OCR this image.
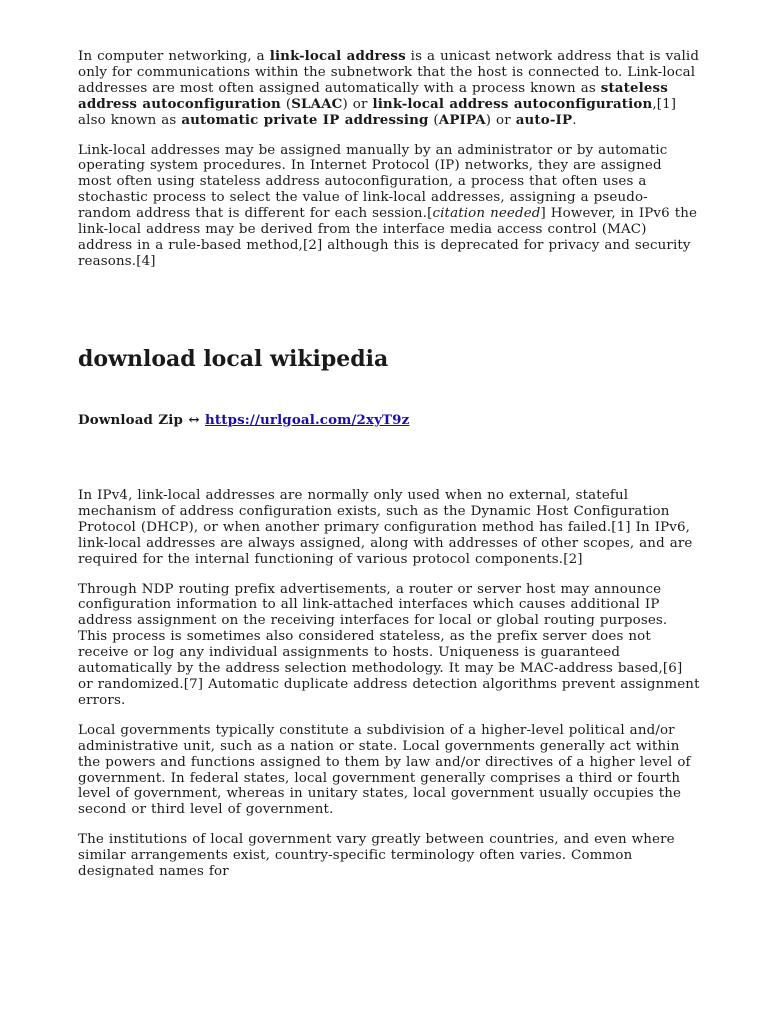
In computer networking, a link-local address is a unicast network address that is valid only for communications within the subnetwork that the host is connected to. Link-local addresses are most often assigned automatically with a process known as stateless address autoconfiguration (SLAAC) or link-local address autoconfiguration,[1] also known as automatic private IP addressing (APIPA) or auto-IP.

Link-local addresses may be assigned manually by an administrator or by automatic operating system procedures. In Internet Protocol (IP) networks, they are assigned most often using stateless address autoconfiguration, a process that often uses a stochastic process to select the value of link-local addresses, assigning a pseudo-random address that is different for each session.[citation needed] However, in IPv6 the link-local address may be derived from the interface media access control (MAC) address in a rule-based method,[2] although this is deprecated for privacy and security reasons.[4]

download local wikipedia

Download Zip ↔ https://urlgoal.com/2xyT9z

In IPv4, link-local addresses are normally only used when no external, stateful mechanism of address configuration exists, such as the Dynamic Host Configuration Protocol (DHCP), or when another primary configuration method has failed.[1] In IPv6, link-local addresses are always assigned, along with addresses of other scopes, and are required for the internal functioning of various protocol components.[2]

Through NDP routing prefix advertisements, a router or server host may announce configuration information to all link-attached interfaces which causes additional IP address assignment on the receiving interfaces for local or global routing purposes. This process is sometimes also considered stateless, as the prefix server does not receive or log any individual assignments to hosts. Uniqueness is guaranteed automatically by the address selection methodology. It may be MAC-address based,[6] or randomized.[7] Automatic duplicate address detection algorithms prevent assignment errors.

Local governments typically constitute a subdivision of a higher-level political and/or administrative unit, such as a nation or state. Local governments generally act within the powers and functions assigned to them by law and/or directives of a higher level of government. In federal states, local government generally comprises a third or fourth level of government, whereas in unitary states, local government usually occupies the second or third level of government.

The institutions of local government vary greatly between countries, and even where similar arrangements exist, country-specific terminology often varies. Common designated names for
